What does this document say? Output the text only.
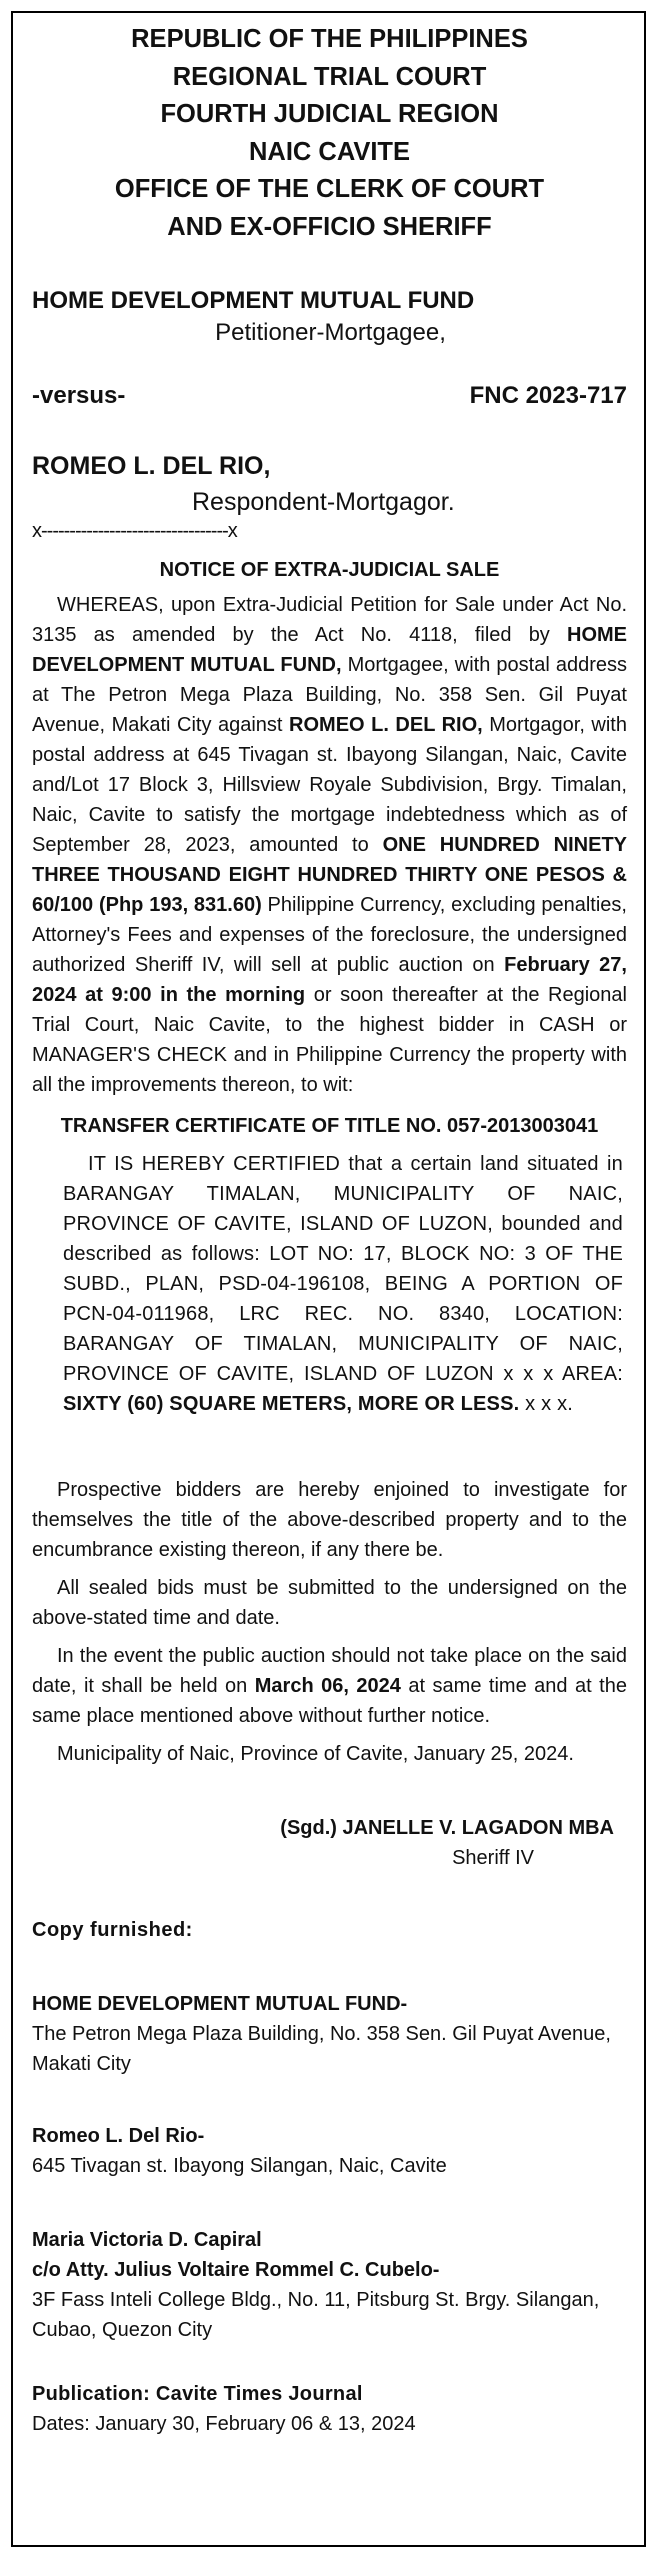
REPUBLIC OF THE PHILIPPINES
REGIONAL TRIAL COURT
FOURTH JUDICIAL REGION
NAIC CAVITE
OFFICE OF THE CLERK OF COURT
AND EX-OFFICIO SHERIFF
HOME DEVELOPMENT MUTUAL FUND
Petitioner-Mortgagee,
-versus-	FNC 2023-717
ROMEO L. DEL RIO,
Respondent-Mortgagor.
x---------------------------------x
NOTICE OF EXTRA-JUDICIAL SALE

WHEREAS, upon Extra-Judicial Petition for Sale under Act No. 3135 as amended by the Act No. 4118, filed by HOME DEVELOPMENT MUTUAL FUND, Mortgagee, with postal address at The Petron Mega Plaza Building, No. 358 Sen. Gil Puyat Avenue, Makati City against ROMEO L. DEL RIO, Mortgagor, with postal address at 645 Tivagan st. Ibayong Silangan, Naic, Cavite and/Lot 17 Block 3, Hillsview Royale Subdivision, Brgy. Timalan, Naic, Cavite to satisfy the mortgage indebtedness which as of September 28, 2023, amounted to ONE HUNDRED NINETY THREE THOUSAND EIGHT HUNDRED THIRTY ONE PESOS & 60/100 (Php 193, 831.60) Philippine Currency, excluding penalties, Attorney's Fees and expenses of the foreclosure, the undersigned authorized Sheriff IV, will sell at public auction on February 27, 2024 at 9:00 in the morning or soon thereafter at the Regional Trial Court, Naic Cavite, to the highest bidder in CASH or MANAGER'S CHECK and in Philippine Currency the property with all the improvements thereon, to wit:

TRANSFER CERTIFICATE OF TITLE NO. 057-2013003041

IT IS HEREBY CERTIFIED that a certain land situated in BARANGAY TIMALAN, MUNICIPALITY OF NAIC, PROVINCE OF CAVITE, ISLAND OF LUZON, bounded and described as follows: LOT NO: 17, BLOCK NO: 3 OF THE SUBD., PLAN, PSD-04-196108, BEING A PORTION OF PCN-04-011968, LRC REC. NO. 8340, LOCATION: BARANGAY OF TIMALAN, MUNICIPALITY OF NAIC, PROVINCE OF CAVITE, ISLAND OF LUZON x x x AREA: SIXTY (60) SQUARE METERS, MORE OR LESS. x x x.

Prospective bidders are hereby enjoined to investigate for themselves the title of the above-described property and to the encumbrance existing thereon, if any there be.

All sealed bids must be submitted to the undersigned on the above-stated time and date.

In the event the public auction should not take place on the said date, it shall be held on March 06, 2024 at same time and at the same place mentioned above without further notice.

Municipality of Naic, Province of Cavite, January 25, 2024.

(Sgd.) JANELLE V. LAGADON MBA
Sheriff IV
Copy furnished:
HOME DEVELOPMENT MUTUAL FUND-
The Petron Mega Plaza Building, No. 358 Sen. Gil Puyat Avenue, Makati City
Romeo L. Del Rio-
645 Tivagan st. Ibayong Silangan, Naic, Cavite
Maria Victoria D. Capiral
c/o Atty. Julius Voltaire Rommel C. Cubelo-
3F Fass Inteli College Bldg., No. 11, Pitsburg St. Brgy. Silangan, Cubao, Quezon City
Publication: Cavite Times Journal
Dates: January 30, February 06 & 13, 2024
